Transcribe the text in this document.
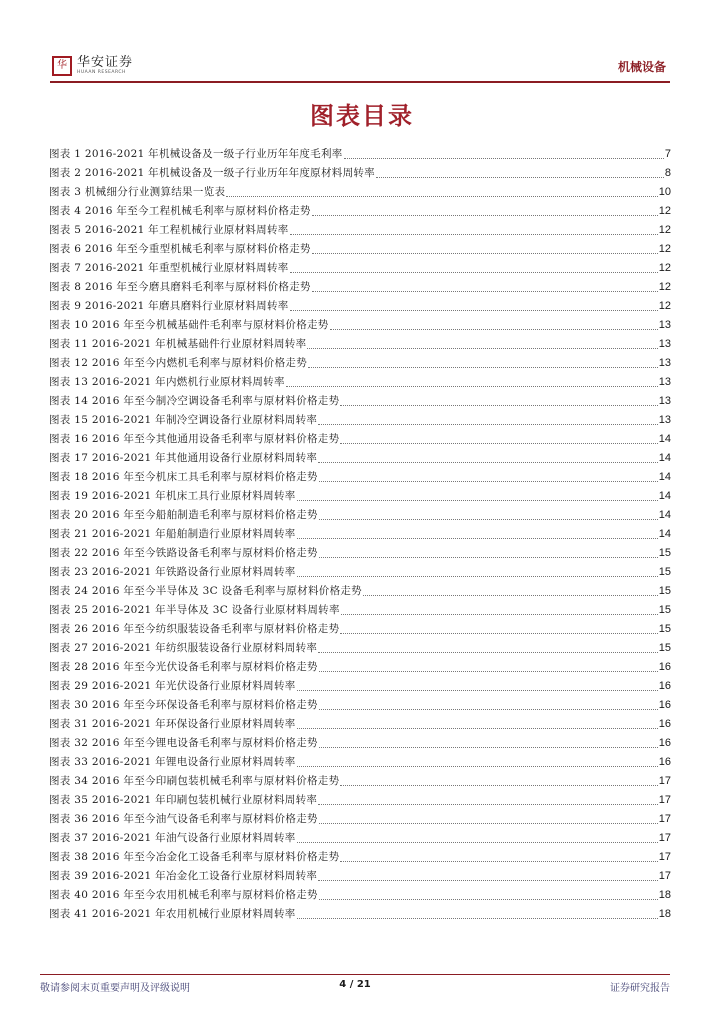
华 华安证券
HUAAN RESEARCH	机械设备
图表目录
图表 1 2016-2021 年机械设备及一级子行业历年年度毛利率	7
图表 2 2016-2021 年机械设备及一级子行业历年年度原材料周转率	8
图表 3 机械细分行业测算结果一览表	10
图表 4 2016 年至今工程机械毛利率与原材料价格走势	12
图表 5 2016-2021 年工程机械行业原材料周转率	12
图表 6 2016 年至今重型机械毛利率与原材料价格走势	12
图表 7 2016-2021 年重型机械行业原材料周转率	12
图表 8 2016 年至今磨具磨料毛利率与原材料价格走势	12
图表 9 2016-2021 年磨具磨料行业原材料周转率	12
图表 10 2016 年至今机械基础件毛利率与原材料价格走势	13
图表 11 2016-2021 年机械基础件行业原材料周转率	13
图表 12 2016 年至今内燃机毛利率与原材料价格走势	13
图表 13 2016-2021 年内燃机行业原材料周转率	13
图表 14 2016 年至今制冷空调设备毛利率与原材料价格走势	13
图表 15 2016-2021 年制冷空调设备行业原材料周转率	13
图表 16 2016 年至今其他通用设备毛利率与原材料价格走势	14
图表 17 2016-2021 年其他通用设备行业原材料周转率	14
图表 18 2016 年至今机床工具毛利率与原材料价格走势	14
图表 19 2016-2021 年机床工具行业原材料周转率	14
图表 20 2016 年至今船舶制造毛利率与原材料价格走势	14
图表 21 2016-2021 年船舶制造行业原材料周转率	14
图表 22 2016 年至今铁路设备毛利率与原材料价格走势	15
图表 23 2016-2021 年铁路设备行业原材料周转率	15
图表 24 2016 年至今半导体及 3C 设备毛利率与原材料价格走势	15
图表 25 2016-2021 年半导体及 3C 设备行业原材料周转率	15
图表 26 2016 年至今纺织服装设备毛利率与原材料价格走势	15
图表 27 2016-2021 年纺织服装设备行业原材料周转率	15
图表 28 2016 年至今光伏设备毛利率与原材料价格走势	16
图表 29 2016-2021 年光伏设备行业原材料周转率	16
图表 30 2016 年至今环保设备毛利率与原材料价格走势	16
图表 31 2016-2021 年环保设备行业原材料周转率	16
图表 32 2016 年至今锂电设备毛利率与原材料价格走势	16
图表 33 2016-2021 年锂电设备行业原材料周转率	16
图表 34 2016 年至今印刷包装机械毛利率与原材料价格走势	17
图表 35 2016-2021 年印刷包装机械行业原材料周转率	17
图表 36 2016 年至今油气设备毛利率与原材料价格走势	17
图表 37 2016-2021 年油气设备行业原材料周转率	17
图表 38 2016 年至今冶金化工设备毛利率与原材料价格走势	17
图表 39 2016-2021 年冶金化工设备行业原材料周转率	17
图表 40 2016 年至今农用机械毛利率与原材料价格走势	18
图表 41 2016-2021 年农用机械行业原材料周转率	18
敬请参阅末页重要声明及评级说明	4 / 21	证券研究报告
